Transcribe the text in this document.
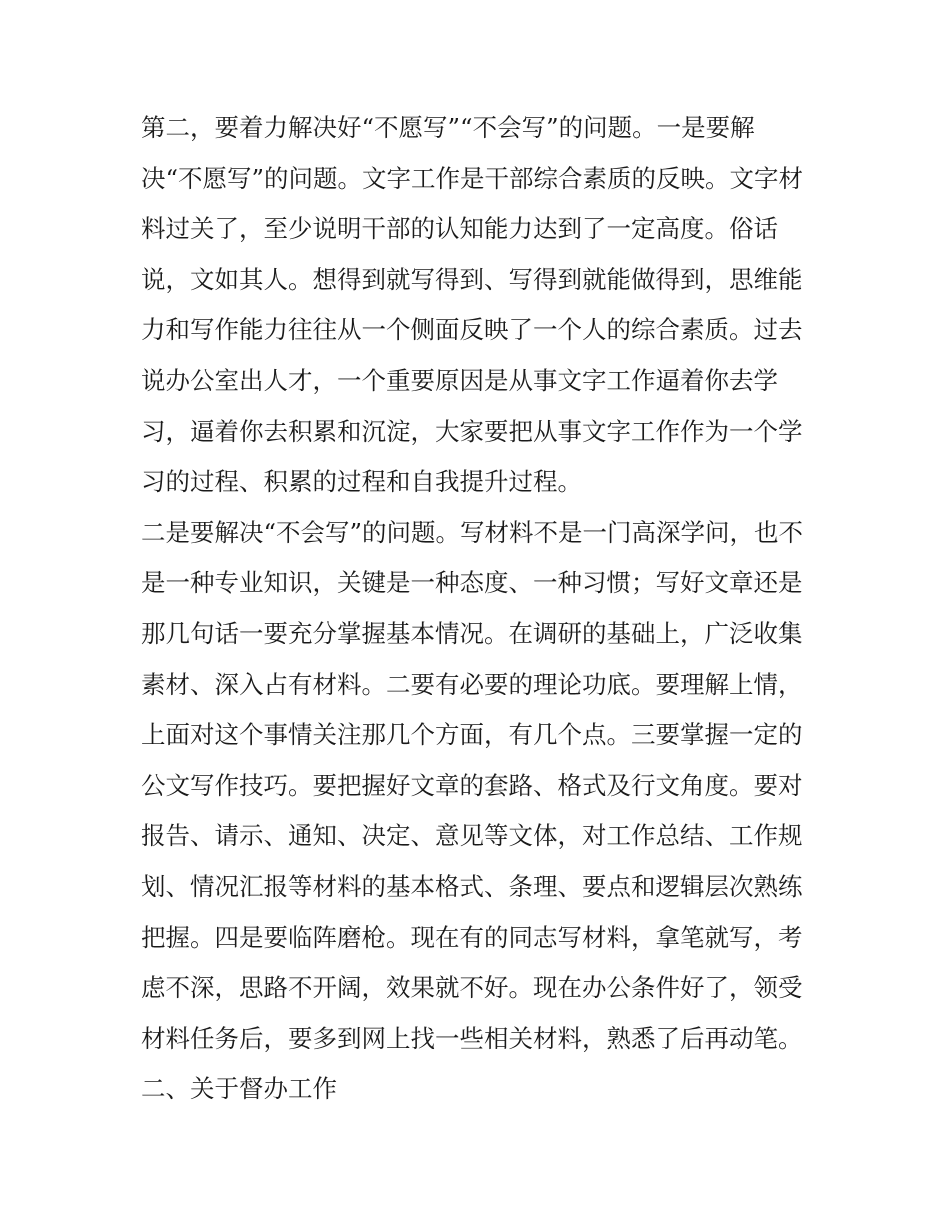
第二，要着力解决好“不愿写”“不会写”的问题。一是要解
决“不愿写”的问题。文字工作是干部综合素质的反映。文字材
料过关了，至少说明干部的认知能力达到了一定高度。俗话
说，文如其人。想得到就写得到、写得到就能做得到，思维能
力和写作能力往往从一个侧面反映了一个人的综合素质。过去
说办公室出人才，一个重要原因是从事文字工作逼着你去学
习，逼着你去积累和沉淀，大家要把从事文字工作作为一个学
习的过程、积累的过程和自我提升过程。
二是要解决“不会写”的问题。写材料不是一门高深学问，也不
是一种专业知识，关键是一种态度、一种习惯；写好文章还是
那几句话一要充分掌握基本情况。在调研的基础上，广泛收集
素材、深入占有材料。二要有必要的理论功底。要理解上情，
上面对这个事情关注那几个方面，有几个点。三要掌握一定的
公文写作技巧。要把握好文章的套路、格式及行文角度。要对
报告、请示、通知、决定、意见等文体，对工作总结、工作规
划、情况汇报等材料的基本格式、条理、要点和逻辑层次熟练
把握。四是要临阵磨枪。现在有的同志写材料，拿笔就写，考
虑不深，思路不开阔，效果就不好。现在办公条件好了，领受
材料任务后，要多到网上找一些相关材料，熟悉了后再动笔。
二、关于督办工作
